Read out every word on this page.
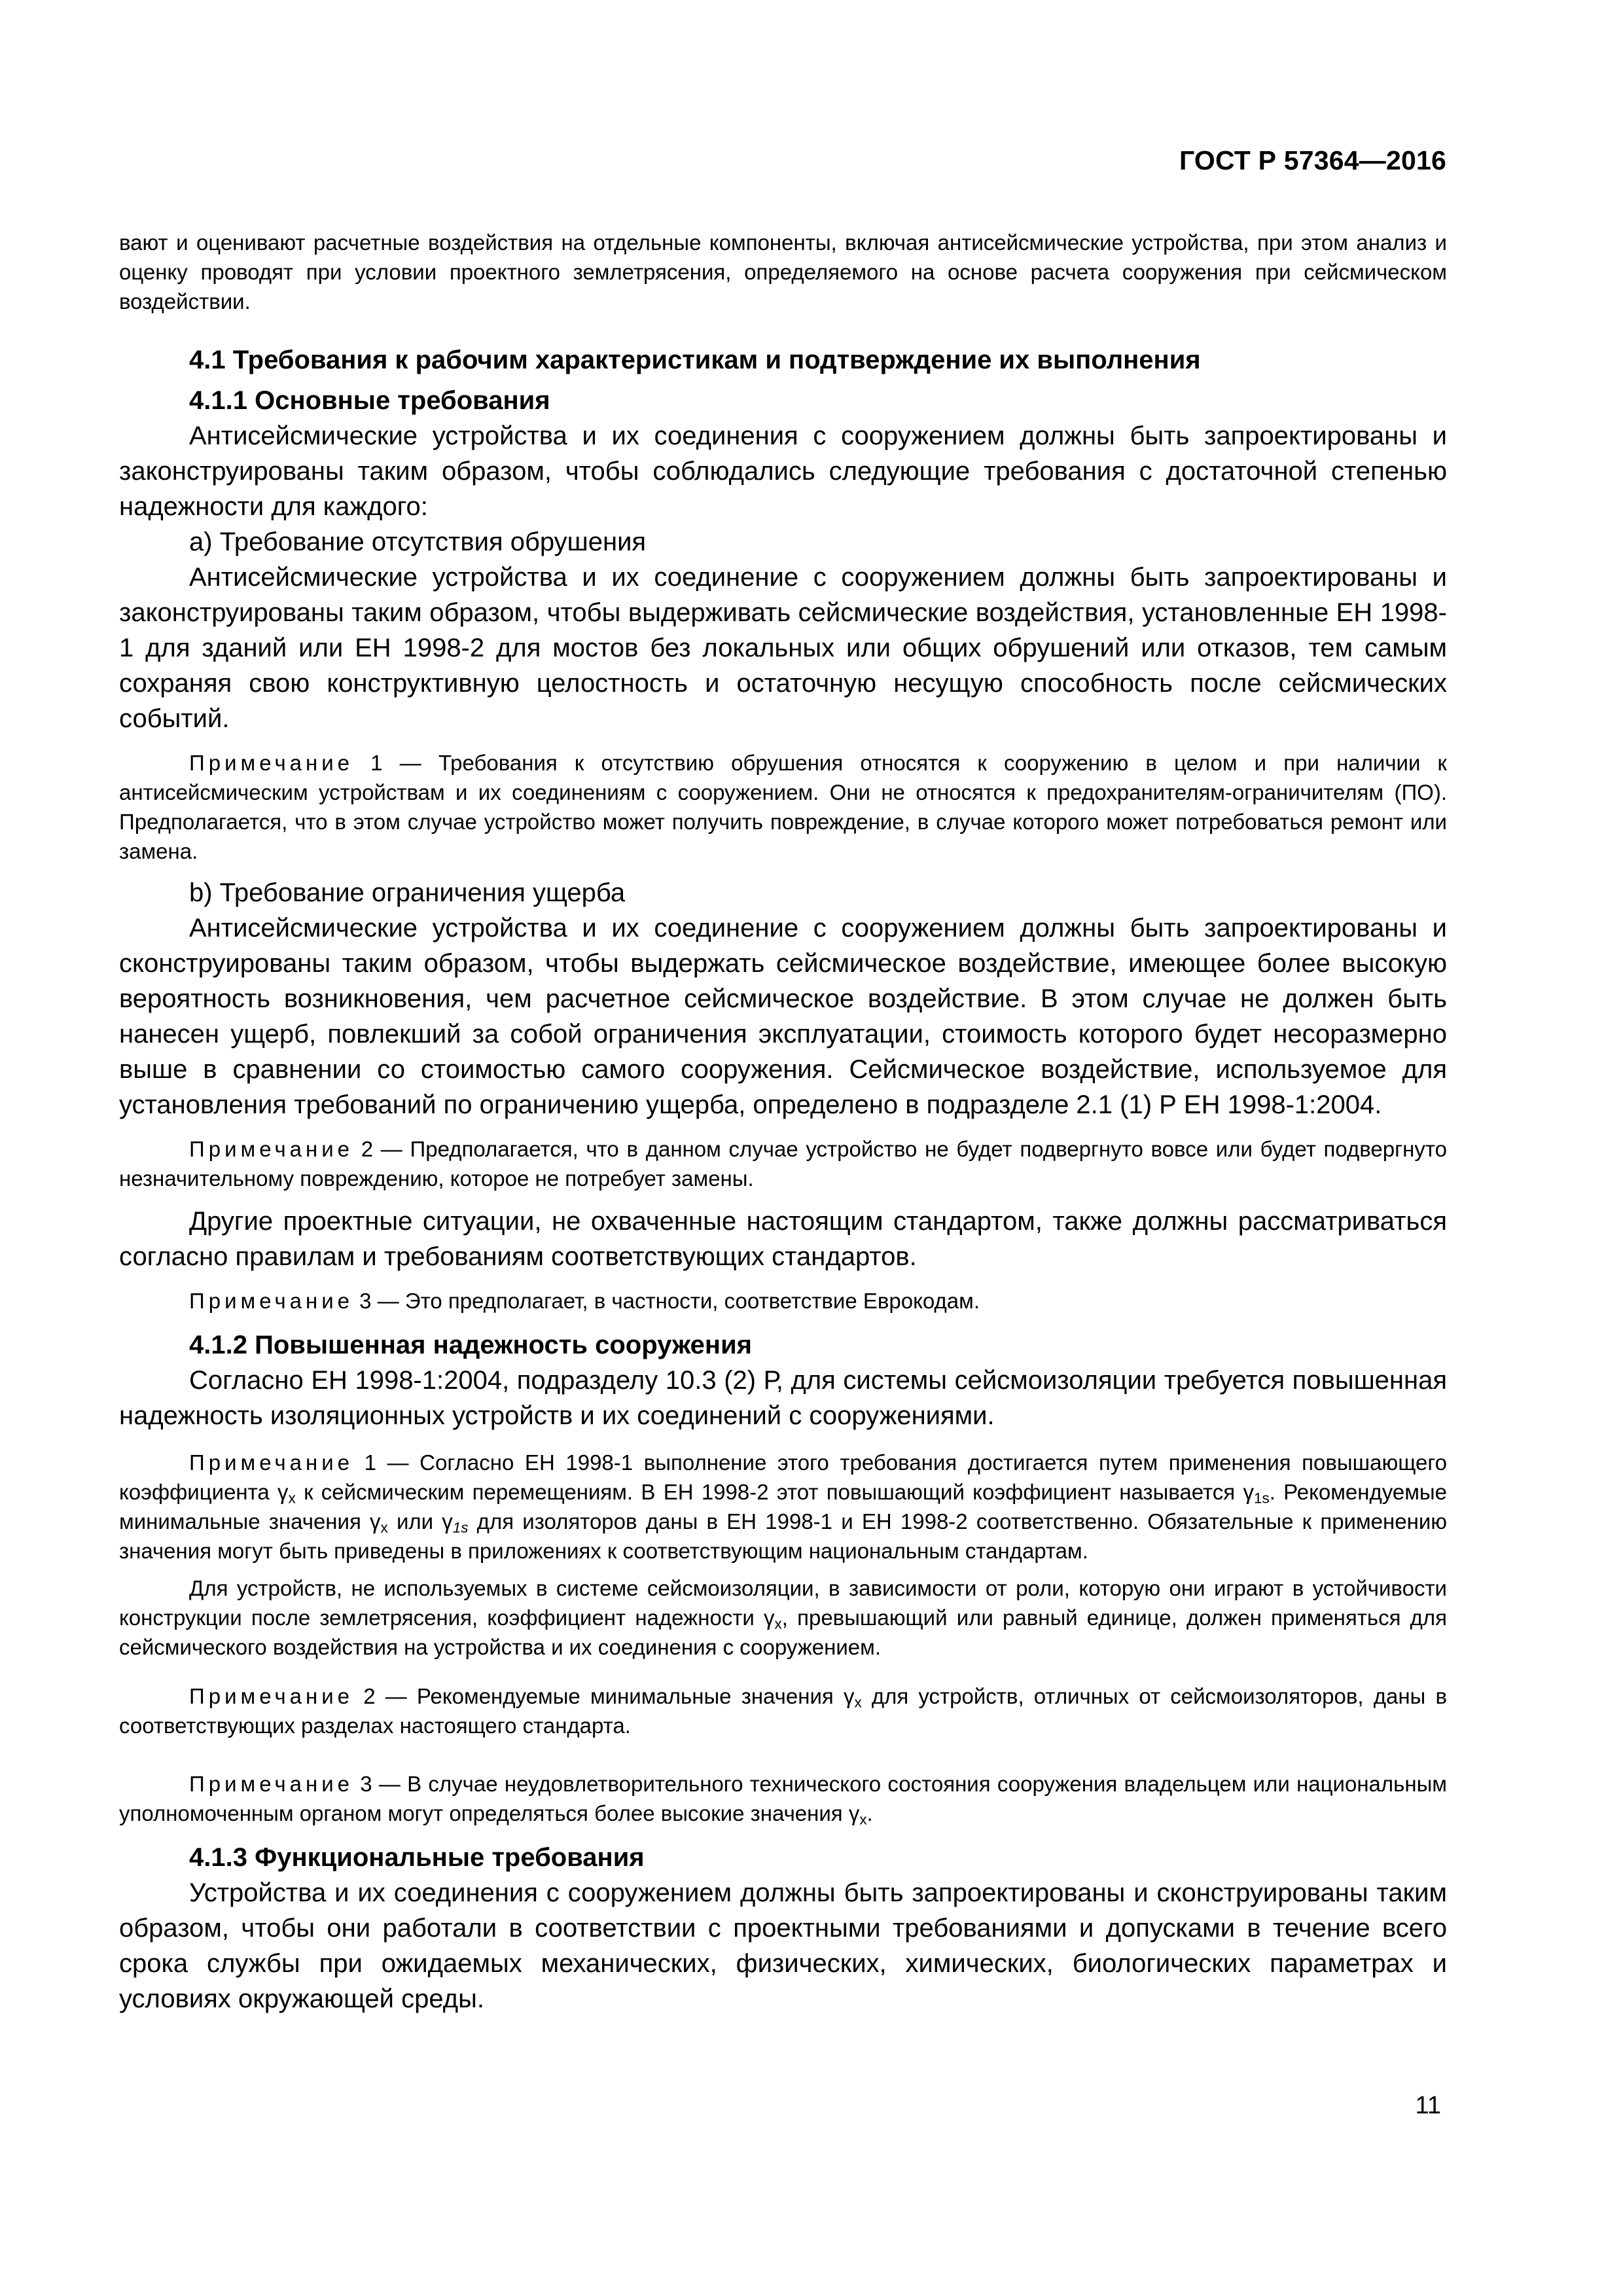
ГОСТ Р 57364—2016

вают и оценивают расчетные воздействия на отдельные компоненты, включая антисейсмические устройства, при этом анализ и оценку проводят при условии проектного землетрясения, определяемого на основе расчета сооружения при сейсмическом воздействии.

4.1 Требования к рабочим характеристикам и подтверждение их выполнения

4.1.1 Основные требования

Антисейсмические устройства и их соединения с сооружением должны быть запроектированы и законструированы таким образом, чтобы соблюдались следующие требования с достаточной степенью надежности для каждого:

а) Требование отсутствия обрушения

Антисейсмические устройства и их соединение с сооружением должны быть запроектированы и законструированы таким образом, чтобы выдерживать сейсмические воздействия, установленные ЕН 1998-1 для зданий или ЕН 1998-2 для мостов без локальных или общих обрушений или отказов, тем самым сохраняя свою конструктивную целостность и остаточную несущую способность после сейсмических событий.

Примечание 1 — Требования к отсутствию обрушения относятся к сооружению в целом и при наличии к антисейсмическим устройствам и их соединениям с сооружением. Они не относятся к предохранителям-ограничителям (ПО). Предполагается, что в этом случае устройство может получить повреждение, в случае которого может потребоваться ремонт или замена.

b) Требование ограничения ущерба

Антисейсмические устройства и их соединение с сооружением должны быть запроектированы и сконструированы таким образом, чтобы выдержать сейсмическое воздействие, имеющее более высокую вероятность возникновения, чем расчетное сейсмическое воздействие. В этом случае не должен быть нанесен ущерб, повлекший за собой ограничения эксплуатации, стоимость которого будет несоразмерно выше в сравнении со стоимостью самого сооружения. Сейсмическое воздействие, используемое для установления требований по ограничению ущерба, определено в подразделе 2.1 (1) Р ЕН 1998-1:2004.

Примечание 2 — Предполагается, что в данном случае устройство не будет подвергнуто вовсе или будет подвергнуто незначительному повреждению, которое не потребует замены.

Другие проектные ситуации, не охваченные настоящим стандартом, также должны рассматриваться согласно правилам и требованиям соответствующих стандартов.

Примечание 3 — Это предполагает, в частности, соответствие Еврокодам.

4.1.2 Повышенная надежность сооружения

Согласно ЕН 1998-1:2004, подразделу 10.3 (2) Р, для системы сейсмоизоляции требуется повышенная надежность изоляционных устройств и их соединений с сооружениями.

Примечание 1 — Согласно ЕН 1998-1 выполнение этого требования достигается путем применения повышающего коэффициента $\gamma_x$ к сейсмическим перемещениям. В ЕН 1998-2 этот повышающий коэффициент называется $\gamma_{1s}$. Рекомендуемые минимальные значения $\gamma_x$ или $\gamma_{1s}$ для изоляторов даны в ЕН 1998-1 и ЕН 1998-2 соответственно. Обязательные к применению значения могут быть приведены в приложениях к соответствующим национальным стандартам.

Для устройств, не используемых в системе сейсмоизоляции, в зависимости от роли, которую они играют в устойчивости конструкции после землетрясения, коэффициент надежности $\gamma_x$, превышающий или равный единице, должен применяться для сейсмического воздействия на устройства и их соединения с сооружением.

Примечание 2 — Рекомендуемые минимальные значения $\gamma_x$ для устройств, отличных от сейсмоизоляторов, даны в соответствующих разделах настоящего стандарта.

Примечание 3 — В случае неудовлетворительного технического состояния сооружения владельцем или национальным уполномоченным органом могут определяться более высокие значения $\gamma_x$.

4.1.3 Функциональные требования

Устройства и их соединения с сооружением должны быть запроектированы и сконструированы таким образом, чтобы они работали в соответствии с проектными требованиями и допусками в течение всего срока службы при ожидаемых механических, физических, химических, биологических параметрах и условиях окружающей среды.

11
